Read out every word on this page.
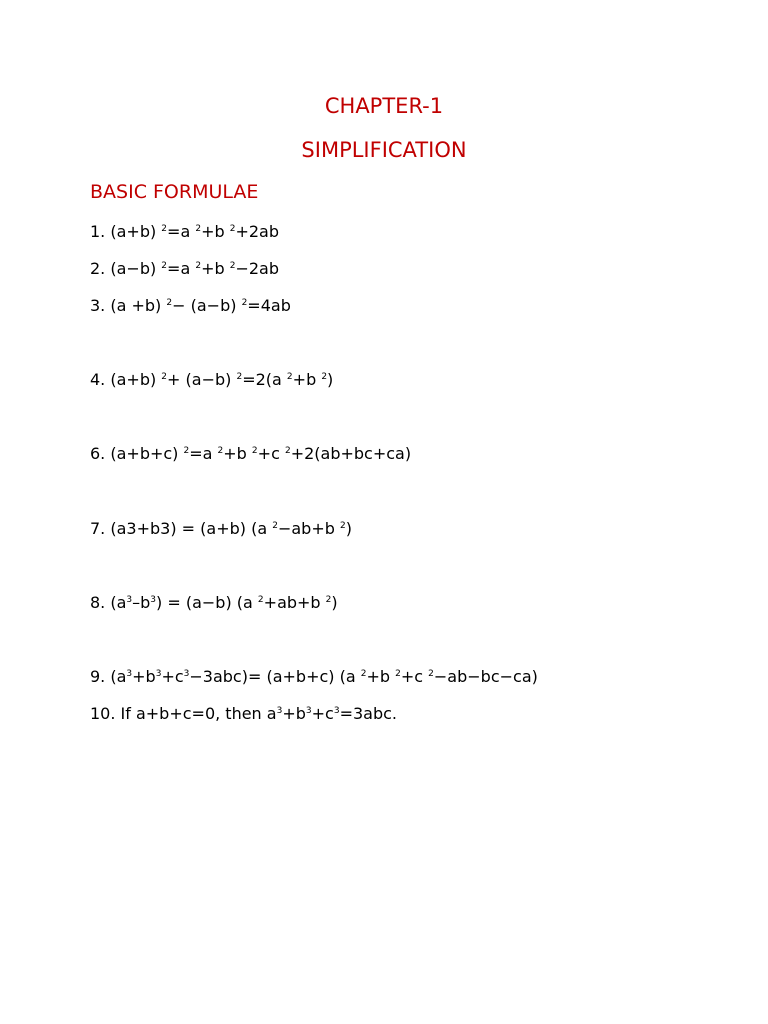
CHAPTER-1
SIMPLIFICATION
BASIC FORMULAE
1. (a+b) $^2$=a $^2$+b $^2$+2ab
2. (a−b) $^2$=a $^2$+b $^2$−2ab
3. (a +b) $^2$− (a−b) $^2$=4ab
4. (a+b) $^2$+ (a−b) $^2$=2(a $^2$+b $^2$)
6. (a+b+c) $^2$=a $^2$+b $^2$+c $^2$+2(ab+bc+ca)
7. (a3+b3) = (a+b) (a $^2$−ab+b $^2$)
8. $(a^3-b^3) = (a-b)$ (a $^2$+ab+b $^2$)
9. $(a^3+b^3+c^3-3abc)= (a+b+c)$ (a $^2$+b $^2$+c $^2$−ab−bc−ca)
10. If a+b+c=0, then $a^3+b^3+c^3=3abc$.
